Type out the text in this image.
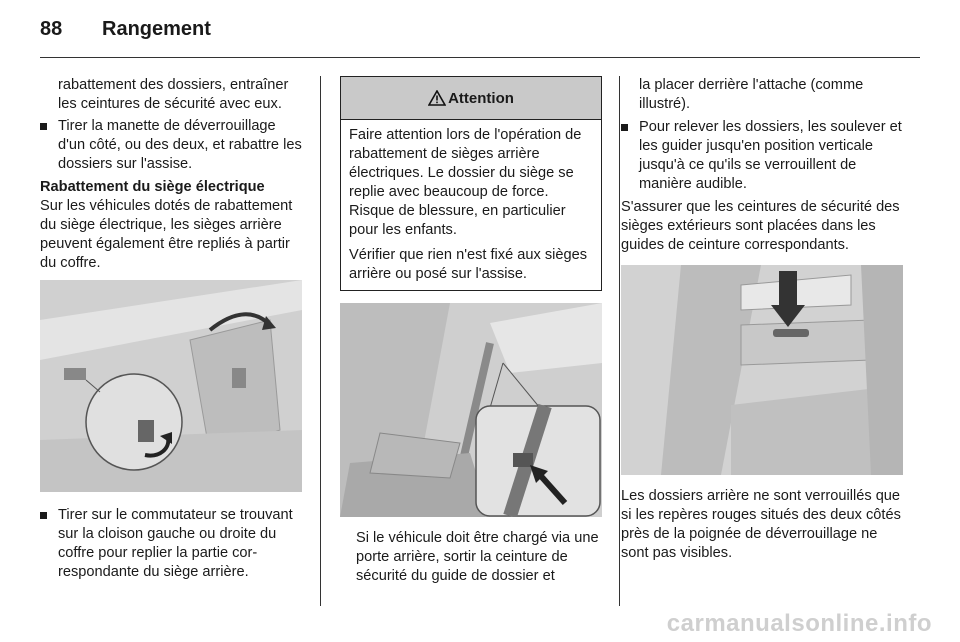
88 Rangement

rabattement des dossiers, entraîner les ceintures de sécurité avec eux.

Tirer la manette de déverrouillage d'un côté, ou des deux, et rabattre les dossiers sur l'assise.

Rabattement du siège électrique

Sur les véhicules dotés de rabattement du siège électrique, les sièges arrière peuvent également être repliés à partir du coffre.

Tirer sur le commutateur se trouvant sur la cloison gauche ou droite du coffre pour replier la partie correspondante du siège arrière.
Attention

Faire attention lors de l'opération de rabattement de sièges arrière électriques. Le dossier du siège se replie avec beaucoup de force. Risque de blessure, en particulier pour les enfants.

Vérifier que rien n'est fixé aux sièges arrière ou posé sur l'assise.

Si le véhicule doit être chargé via une porte arrière, sortir la ceinture de sécurité du guide de dossier et

la placer derrière l'attache (comme illustré).

Pour relever les dossiers, les soulever et les guider jusqu'en position verticale jusqu'à ce qu'ils se verrouillent de manière audible.

S'assurer que les ceintures de sécurité des sièges extérieurs sont placées dans les guides de ceinture correspondants.

Les dossiers arrière ne sont verrouillés que si les repères rouges situés des deux côtés près de la poignée de déverrouillage ne sont pas visibles.

carmanualsonline.info
